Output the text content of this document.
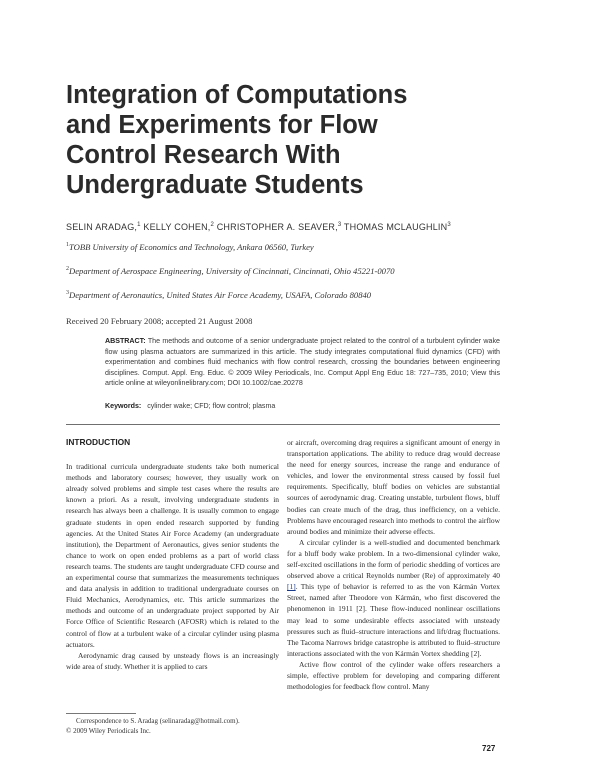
Integration of Computations
and Experiments for Flow
Control Research With
Undergraduate Students
SELIN ARADAG,$^1$ KELLY COHEN,$^2$ CHRISTOPHER A. SEAVER,$^3$ THOMAS MCLAUGHLIN$^3$
$^1$TOBB University of Economics and Technology, Ankara 06560, Turkey
$^2$Department of Aerospace Engineering, University of Cincinnati, Cincinnati, Ohio 45221-0070
$^3$Department of Aeronautics, United States Air Force Academy, USAFA, Colorado 80840
Received 20 February 2008; accepted 21 August 2008
ABSTRACT: The methods and outcome of a senior undergraduate project related to the control of a turbulent cylinder wake flow using plasma actuators are summarized in this article. The study integrates computational fluid dynamics (CFD) with experimentation and combines fluid mechanics with flow control research, crossing the boundaries between engineering disciplines. Comput. Appl. Eng. Educ. © 2009 Wiley Periodicals, Inc. Comput Appl Eng Educ 18: 727–735, 2010; View this article online at wileyonlinelibrary.com; DOI 10.1002/cae.20278
Keywords: cylinder wake; CFD; flow control; plasma
INTRODUCTION

In traditional curricula undergraduate students take both numerical methods and laboratory courses; however, they usually work on already solved problems and simple test cases where the results are known a priori. As a result, involving undergraduate students in research has always been a challenge. It is usually common to engage graduate students in open ended research supported by funding agencies. At the United States Air Force Academy (an undergraduate institution), the Department of Aeronautics, gives senior students the chance to work on open ended problems as a part of world class research teams. The students are taught undergraduate CFD course and an experimental course that summarizes the measurements techniques and data analysis in addition to traditional undergraduate courses on Fluid Mechanics, Aerodynamics, etc. This article summarizes the methods and outcome of an undergraduate project supported by Air Force Office of Scientific Research (AFOSR) which is related to the control of flow at a turbulent wake of a circular cylinder using plasma actuators.

Aerodynamic drag caused by unsteady flows is an increasingly wide area of study. Whether it is applied to cars

or aircraft, overcoming drag requires a significant amount of energy in transportation applications. The ability to reduce drag would decrease the need for energy sources, increase the range and endurance of vehicles, and lower the environmental stress caused by fossil fuel requirements. Specifically, bluff bodies on vehicles are substantial sources of aerodynamic drag. Creating unstable, turbulent flows, bluff bodies can create much of the drag, thus inefficiency, on a vehicle. Problems have encouraged research into methods to control the airflow around bodies and minimize their adverse effects.

A circular cylinder is a well-studied and documented benchmark for a bluff body wake problem. In a two-dimensional cylinder wake, self-excited oscillations in the form of periodic shedding of vortices are observed above a critical Reynolds number (Re) of approximately 40 [1]. This type of behavior is referred to as the von Kármán Vortex Street, named after Theodore von Kármán, who first discovered the phenomenon in 1911 [2]. These flow-induced nonlinear oscillations may lead to some undesirable effects associated with unsteady pressures such as fluid–structure interactions and lift/drag fluctuations. The Tacoma Narrows bridge catastrophe is attributed to fluid–structure interactions associated with the von Kármán Vortex shedding [2].

Active flow control of the cylinder wake offers researchers a simple, effective problem for developing and comparing different methodologies for feedback flow control. Many

Correspondence to S. Aradag (selinaradag@hotmail.com).
© 2009 Wiley Periodicals Inc.
727
